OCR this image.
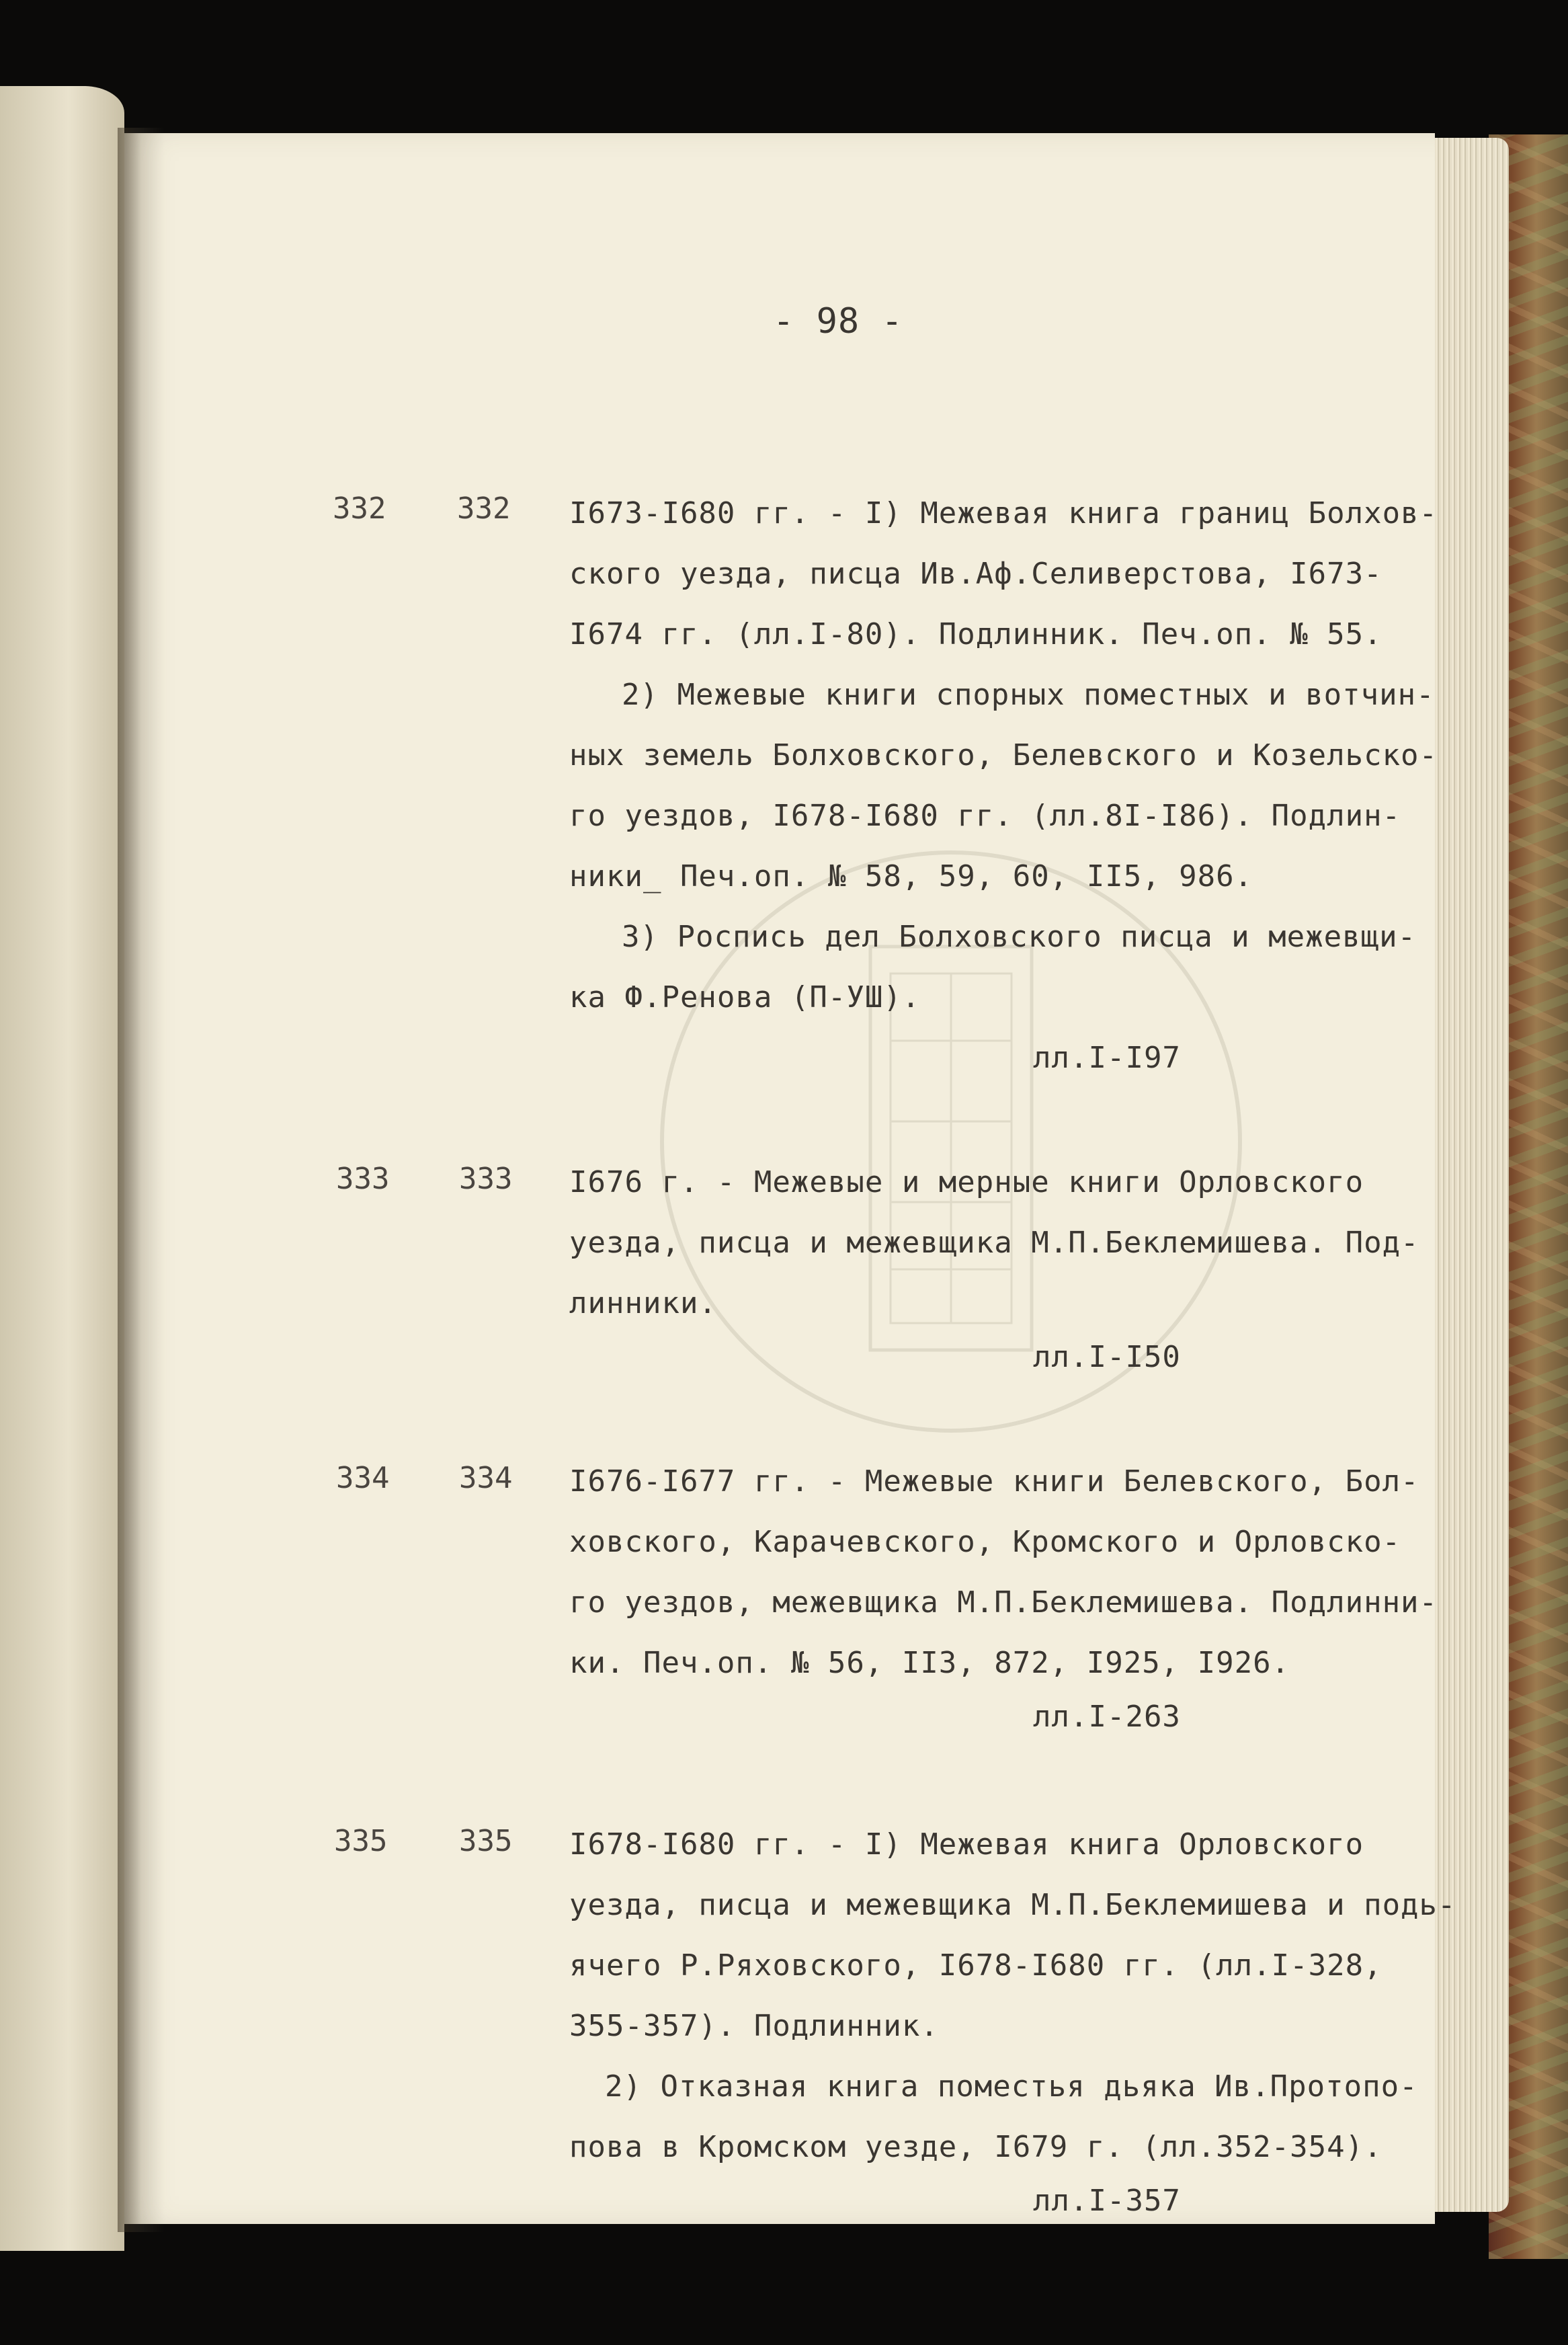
- 98 -
332 332 I673-I680 гг. - I) Межевая книга границ Болхов-
ского уезда, писца Ив.Аф.Селиверстова, I673-
I674 гг. (лл.I-80). Подлинник. Печ.оп. № 55.
2) Межевые книги спорных поместных и вотчин-
ных земель Болховского, Белевского и Козельско-
го уездов, I678-I680 гг. (лл.8I-I86). Подлин-
ники_ Печ.оп. № 58, 59, 60, II5, 986.
3) Роспись дел Болховского писца и межевщи-
ка Ф.Ренова (П-УШ).
лл.I-I97
333 333 I676 г. - Межевые и мерные книги Орловского
уезда, писца и межевщика М.П.Беклемишева. Под-
линники.
лл.I-I50
334 334 I676-I677 гг. - Межевые книги Белевского, Бол-
ховского, Карачевского, Кромского и Орловско-
го уездов, межевщика М.П.Беклемишева. Подлинни-
ки. Печ.оп. № 56, II3, 872, I925, I926.
лл.I-263
335 335 I678-I680 гг. - I) Межевая книга Орловского
уезда, писца и межевщика М.П.Беклемишева и подь-
ячего Р.Ряховского, I678-I680 гг. (лл.I-328,
355-357). Подлинник.
2) Отказная книга поместья дьяка Ив.Протопо-
пова в Кромском уезде, I679 г. (лл.352-354).
лл.I-357
